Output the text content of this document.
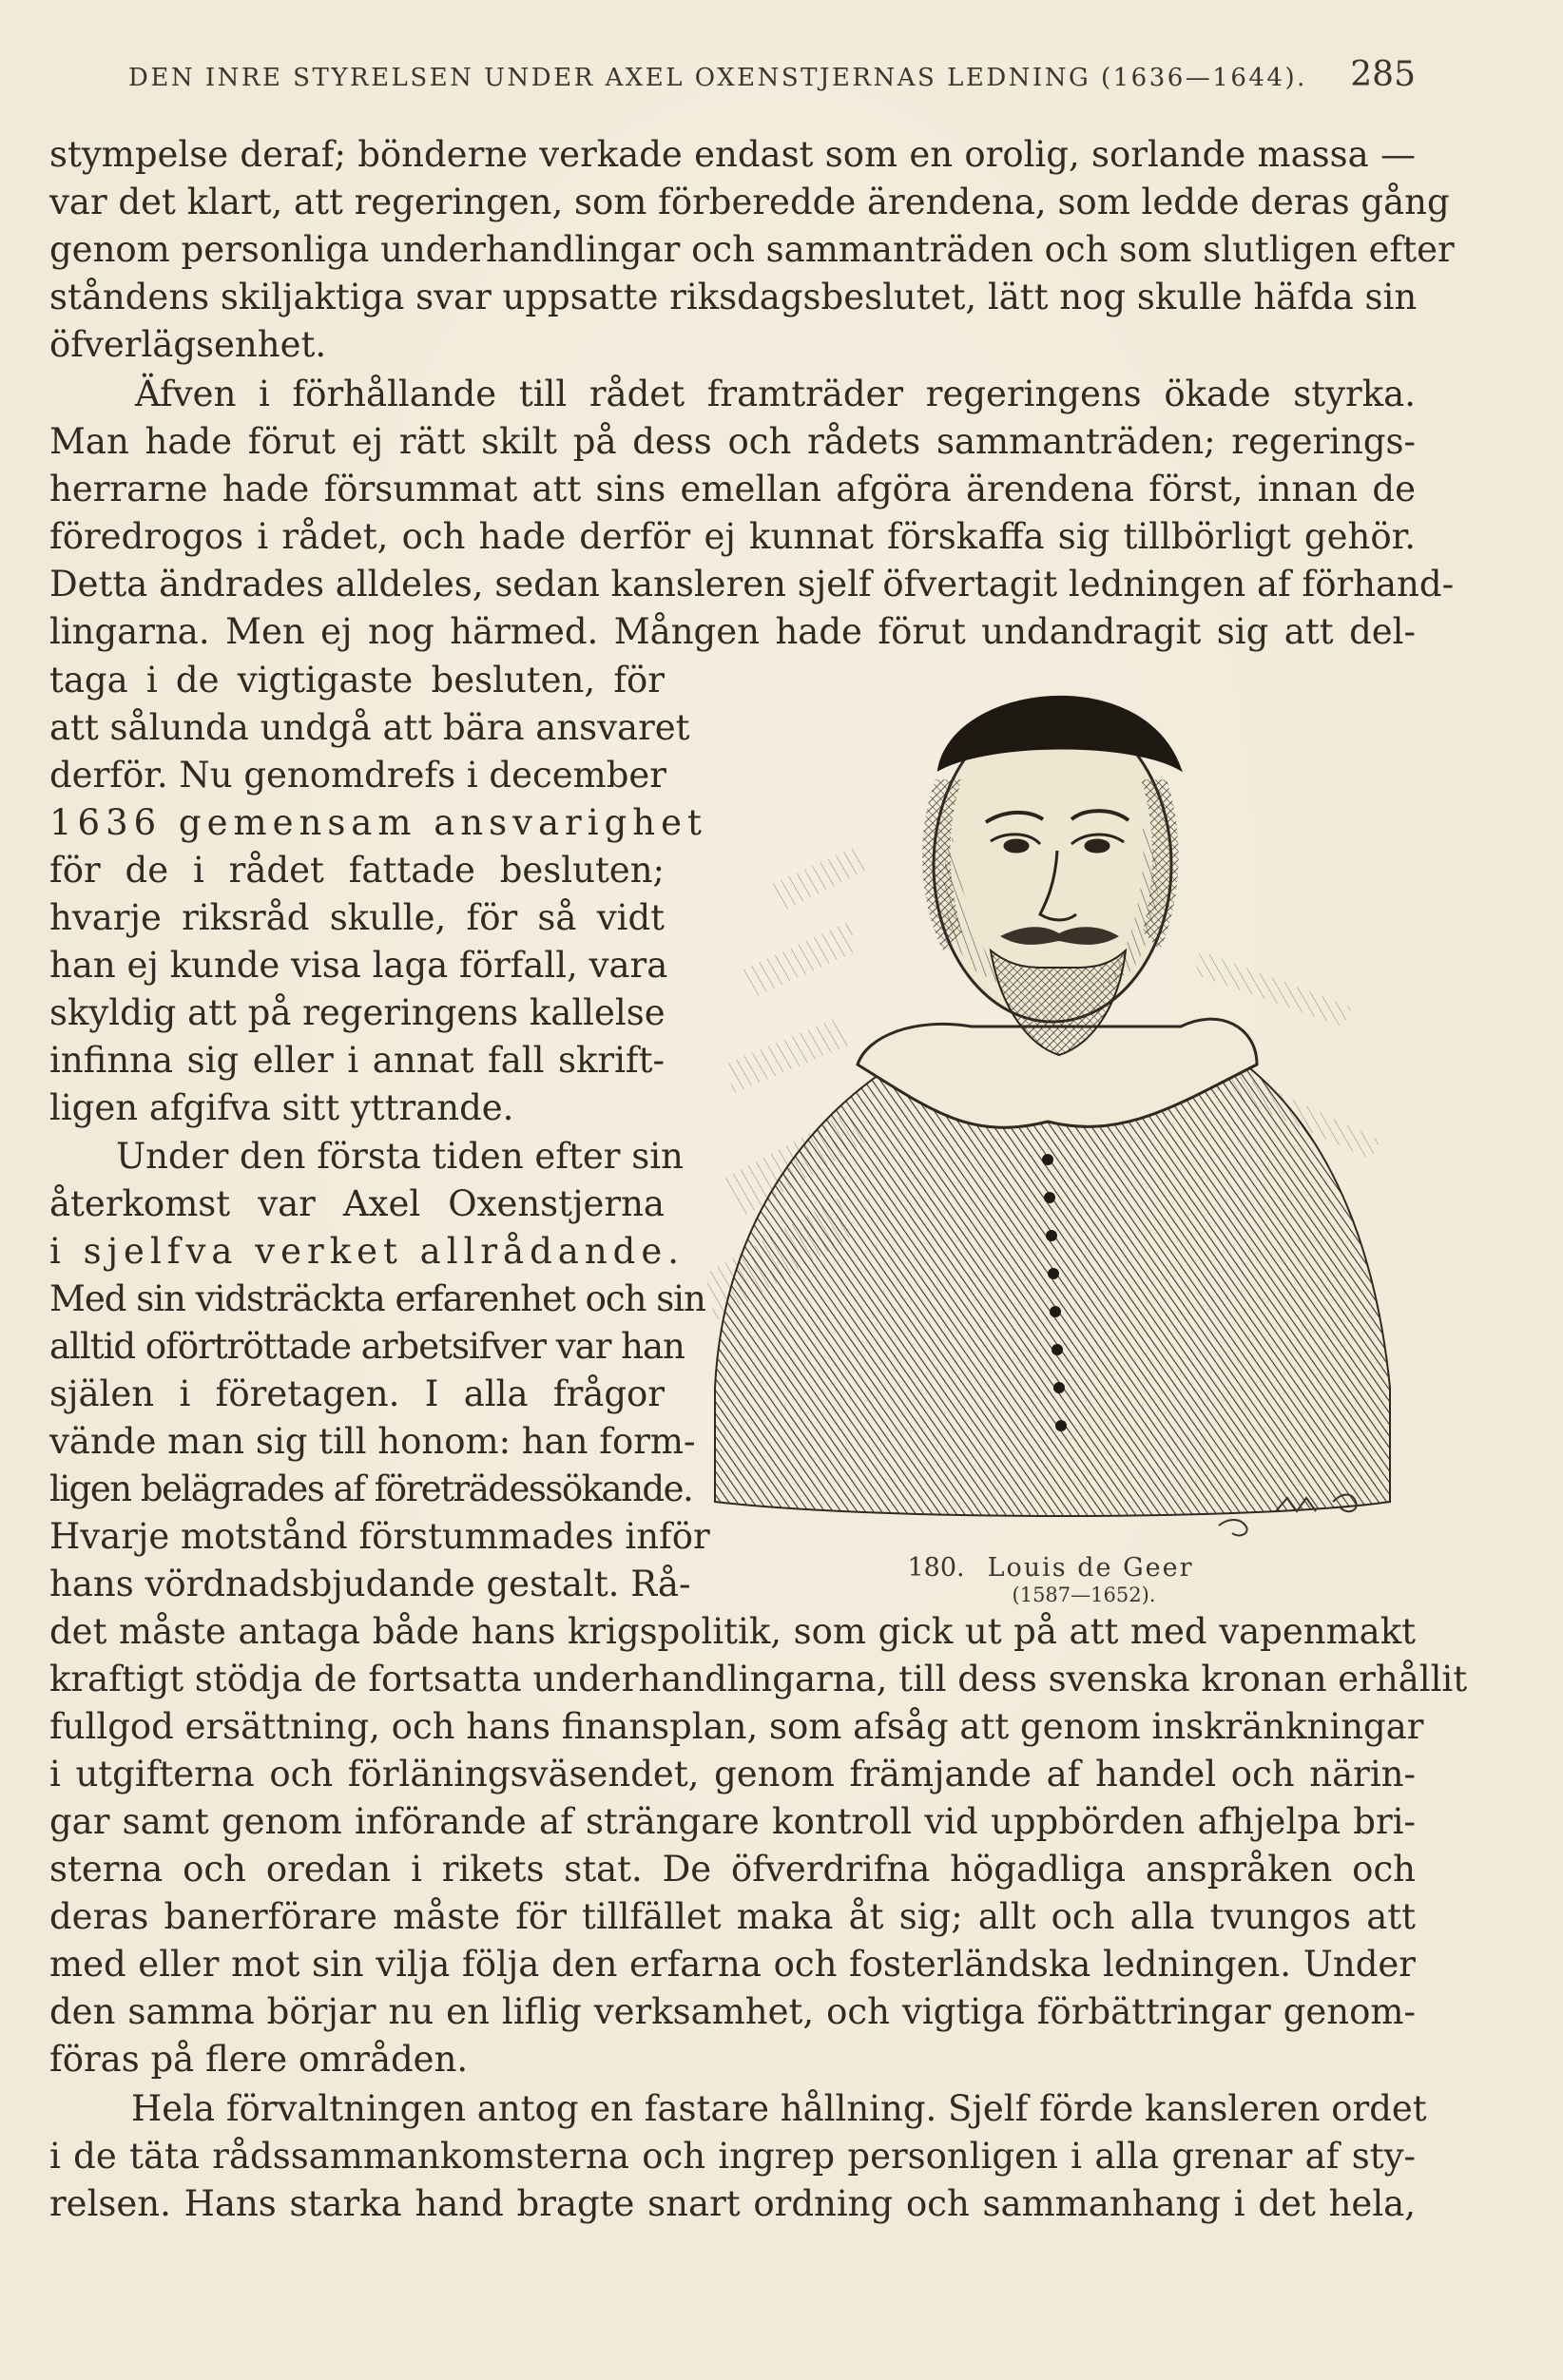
DEN INRE STYRELSEN UNDER AXEL OXENSTJERNAS LEDNING (1636—1644). 285
stympelse deraf; bönderne verkade endast som en orolig, sorlande massa —
var det klart, att regeringen, som förberedde ärendena, som ledde deras gång
genom personliga underhandlingar och sammanträden och som slutligen efter
ståndens skiljaktiga svar uppsatte riksdagsbeslutet, lätt nog skulle häfda sin
öfverlägsenhet.
Äfven i förhållande till rådet framträder regeringens ökade styrka.
Man hade förut ej rätt skilt på dess och rådets sammanträden; regerings-
herrarne hade försummat att sins emellan afgöra ärendena först, innan de
föredrogos i rådet, och hade derför ej kunnat förskaffa sig tillbörligt gehör.
Detta ändrades alldeles, sedan kansleren sjelf öfvertagit ledningen af förhand-
lingarna. Men ej nog härmed. Mången hade förut undandragit sig att del-
taga i de vigtigaste besluten, för
att sålunda undgå att bära ansvaret
derför. Nu genomdrefs i december
1636 gemensam ansvarighet
för de i rådet fattade besluten;
hvarje riksråd skulle, för så vidt
han ej kunde visa laga förfall, vara
skyldig att på regeringens kallelse
infinna sig eller i annat fall skrift-
ligen afgifva sitt yttrande.
Under den första tiden efter sin
återkomst var Axel Oxenstjerna
i sjelfva verket allrådande.
Med sin vidsträckta erfarenhet och sin
alltid oförtröttade arbetsifver var han
själen i företagen. I alla frågor
vände man sig till honom: han form-
ligen belägrades af företrädessökande.
Hvarje motstånd förstummades inför
hans vördnadsbjudande gestalt. Rå-
det måste antaga både hans krigspolitik, som gick ut på att med vapenmakt
kraftigt stödja de fortsatta underhandlingarna, till dess svenska kronan erhållit
fullgod ersättning, och hans finansplan, som afsåg att genom inskränkningar
i utgifterna och förläningsväsendet, genom främjande af handel och närin-
gar samt genom införande af strängare kontroll vid uppbörden afhjelpa bri-
sterna och oredan i rikets stat. De öfverdrifna högadliga anspråken och
deras banerförare måste för tillfället maka åt sig; allt och alla tvungos att
med eller mot sin vilja följa den erfarna och fosterländska ledningen. Under
den samma börjar nu en liflig verksamhet, och vigtiga förbättringar genom-
föras på flere områden.
Hela förvaltningen antog en fastare hållning. Sjelf förde kansleren ordet
i de täta rådssammankomsterna och ingrep personligen i alla grenar af sty-
relsen. Hans starka hand bragte snart ordning och sammanhang i det hela,
180. Louis de Geer
(1587—1652).
